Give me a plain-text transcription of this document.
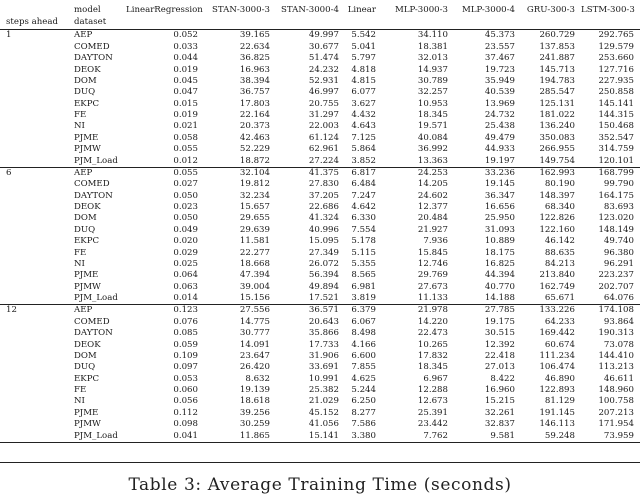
	model	LinearRegression	STAN-3000-3	STAN-3000-4	Linear	MLP-3000-3	MLP-3000-4	GRU-300-3	LSTM-300-3
steps ahead	dataset								
1	AEP	0.052	39.165	49.997	5.542	34.110	45.373	260.729	292.765
	COMED	0.033	22.634	30.677	5.041	18.381	23.557	137.853	129.579
	DAYTON	0.044	36.825	51.474	5.797	32.013	37.467	241.887	253.660
	DEOK	0.019	16.963	24.232	4.818	14.937	19.723	145.713	127.716
	DOM	0.045	38.394	52.931	4.815	30.789	35.949	194.783	227.935
	DUQ	0.047	36.757	46.997	6.077	32.257	40.539	285.547	250.858
	EKPC	0.015	17.803	20.755	3.627	10.953	13.969	125.131	145.141
	FE	0.019	22.164	31.297	4.432	18.345	24.732	181.022	144.315
	NI	0.021	20.373	22.003	4.643	19.571	25.438	136.240	150.468
	PJME	0.058	42.463	61.124	7.125	40.084	49.479	350.083	352.547
	PJMW	0.055	52.229	62.961	5.864	36.992	44.933	266.955	314.759
	PJM_Load	0.012	18.872	27.224	3.852	13.363	19.197	149.754	120.101
6	AEP	0.055	32.104	41.375	6.817	24.253	33.236	162.993	168.799
	COMED	0.027	19.812	27.830	6.484	14.205	19.145	80.190	99.790
	DAYTON	0.050	32.234	37.205	7.247	24.602	36.347	148.397	164.175
	DEOK	0.023	15.657	22.686	4.642	12.377	16.656	68.340	83.693
	DOM	0.050	29.655	41.324	6.330	20.484	25.950	122.826	123.020
	DUQ	0.049	29.639	40.996	7.554	21.927	31.093	122.160	148.149
	EKPC	0.020	11.581	15.095	5.178	7.936	10.889	46.142	49.740
	FE	0.029	22.277	27.349	5.115	15.845	18.175	88.635	96.380
	NI	0.025	18.668	26.072	5.355	12.746	16.825	84.213	96.291
	PJME	0.064	47.394	56.394	8.565	29.769	44.394	213.840	223.237
	PJMW	0.063	39.004	49.894	6.981	27.673	40.770	162.749	202.707
	PJM_Load	0.014	15.156	17.521	3.819	11.133	14.188	65.671	64.076
12	AEP	0.123	27.556	36.571	6.379	21.978	27.785	133.226	174.108
	COMED	0.076	14.775	20.643	6.067	14.220	19.175	64.233	93.864
	DAYTON	0.085	30.777	35.866	8.498	22.473	30.515	169.442	190.313
	DEOK	0.059	14.091	17.733	4.166	10.265	12.392	60.674	73.078
	DOM	0.109	23.647	31.906	6.600	17.832	22.418	111.234	144.410
	DUQ	0.097	26.420	33.691	7.855	18.345	27.013	106.474	113.213
	EKPC	0.053	8.632	10.991	4.625	6.967	8.422	46.890	46.611
	FE	0.060	19.139	25.382	5.244	12.288	16.960	122.893	148.960
	NI	0.056	18.618	21.029	6.250	12.673	15.215	81.129	100.758
	PJME	0.112	39.256	45.152	8.277	25.391	32.261	191.145	207.213
	PJMW	0.098	30.259	41.056	7.586	23.442	32.837	146.113	171.954
	PJM_Load	0.041	11.865	15.141	3.380	7.762	9.581	59.248	73.959
Table 3: Average Training Time (seconds)
